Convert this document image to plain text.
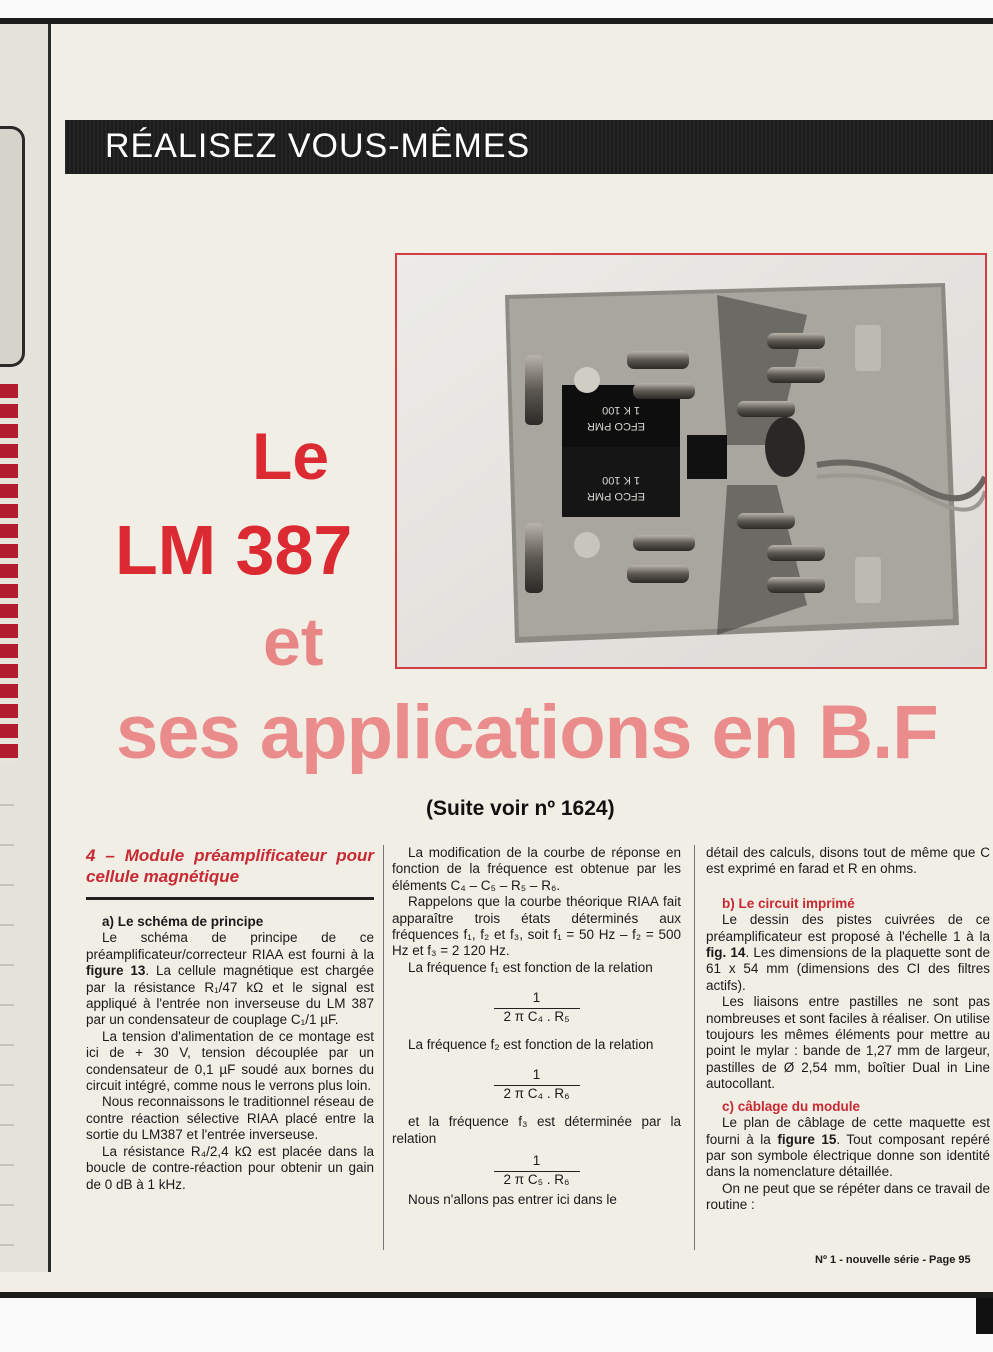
RÉALISEZ VOUS-MÊMES
Le
LM 387
et
ses applications en B.F
(Suite voir nº 1624)
EFCO PMR
1 K 100
EFCO PMR
1 K 100
4 – Module préamplificateur pour cellule magnétique

a) Le schéma de principe

Le schéma de principe de ce préamplificateur/correcteur RIAA est fourni à la figure 13. La cellule magnétique est chargée par la résistance R₁/47 kΩ et le signal est appliqué à l'entrée non inverseuse du LM 387 par un condensateur de couplage C₁/1 µF.

La tension d'alimentation de ce montage est ici de + 30 V, tension découplée par un condensateur de 0,1 µF soudé aux bornes du circuit intégré, comme nous le verrons plus loin.

Nous reconnaissons le traditionnel réseau de contre réaction sélective RIAA placé entre la sortie du LM387 et l'entrée inverseuse.

La résistance R₄/2,4 kΩ est placée dans la boucle de contre-réaction pour obtenir un gain de 0 dB à 1 kHz.

La modification de la courbe de réponse en fonction de la fréquence est obtenue par les éléments C₄ – C₅ – R₅ – R₆.

Rappelons que la courbe théorique RIAA fait apparaître trois états déterminés aux fréquences f₁, f₂ et f₃, soit f₁ = 50 Hz – f₂ = 500 Hz et f₃ = 2 120 Hz.

La fréquence f₁ est fonction de la relation

1
2 π C₄ . R₅

La fréquence f₂ est fonction de la relation

1
2 π C₄ . R₆

et la fréquence f₃ est déterminée par la relation

1
2 π C₅ . R₆

Nous n'allons pas entrer ici dans le

détail des calculs, disons tout de même que C est exprimé en farad et R en ohms.

b) Le circuit imprimé

Le dessin des pistes cuivrées de ce préamplificateur est proposé à l'échelle 1 à la fig. 14. Les dimensions de la plaquette sont de 61 x 54 mm (dimensions des CI des filtres actifs).

Les liaisons entre pastilles ne sont pas nombreuses et sont faciles à réaliser. On utilise toujours les mêmes éléments pour mettre au point le mylar : bande de 1,27 mm de largeur, pastilles de Ø 2,54 mm, boîtier Dual in Line autocollant.

c) câblage du module

Le plan de câblage de cette maquette est fourni à la figure 15. Tout composant repéré par son symbole électrique donne son identité dans la nomenclature détaillée.

On ne peut que se répéter dans ce travail de routine :

Nº 1 - nouvelle série - Page 95
